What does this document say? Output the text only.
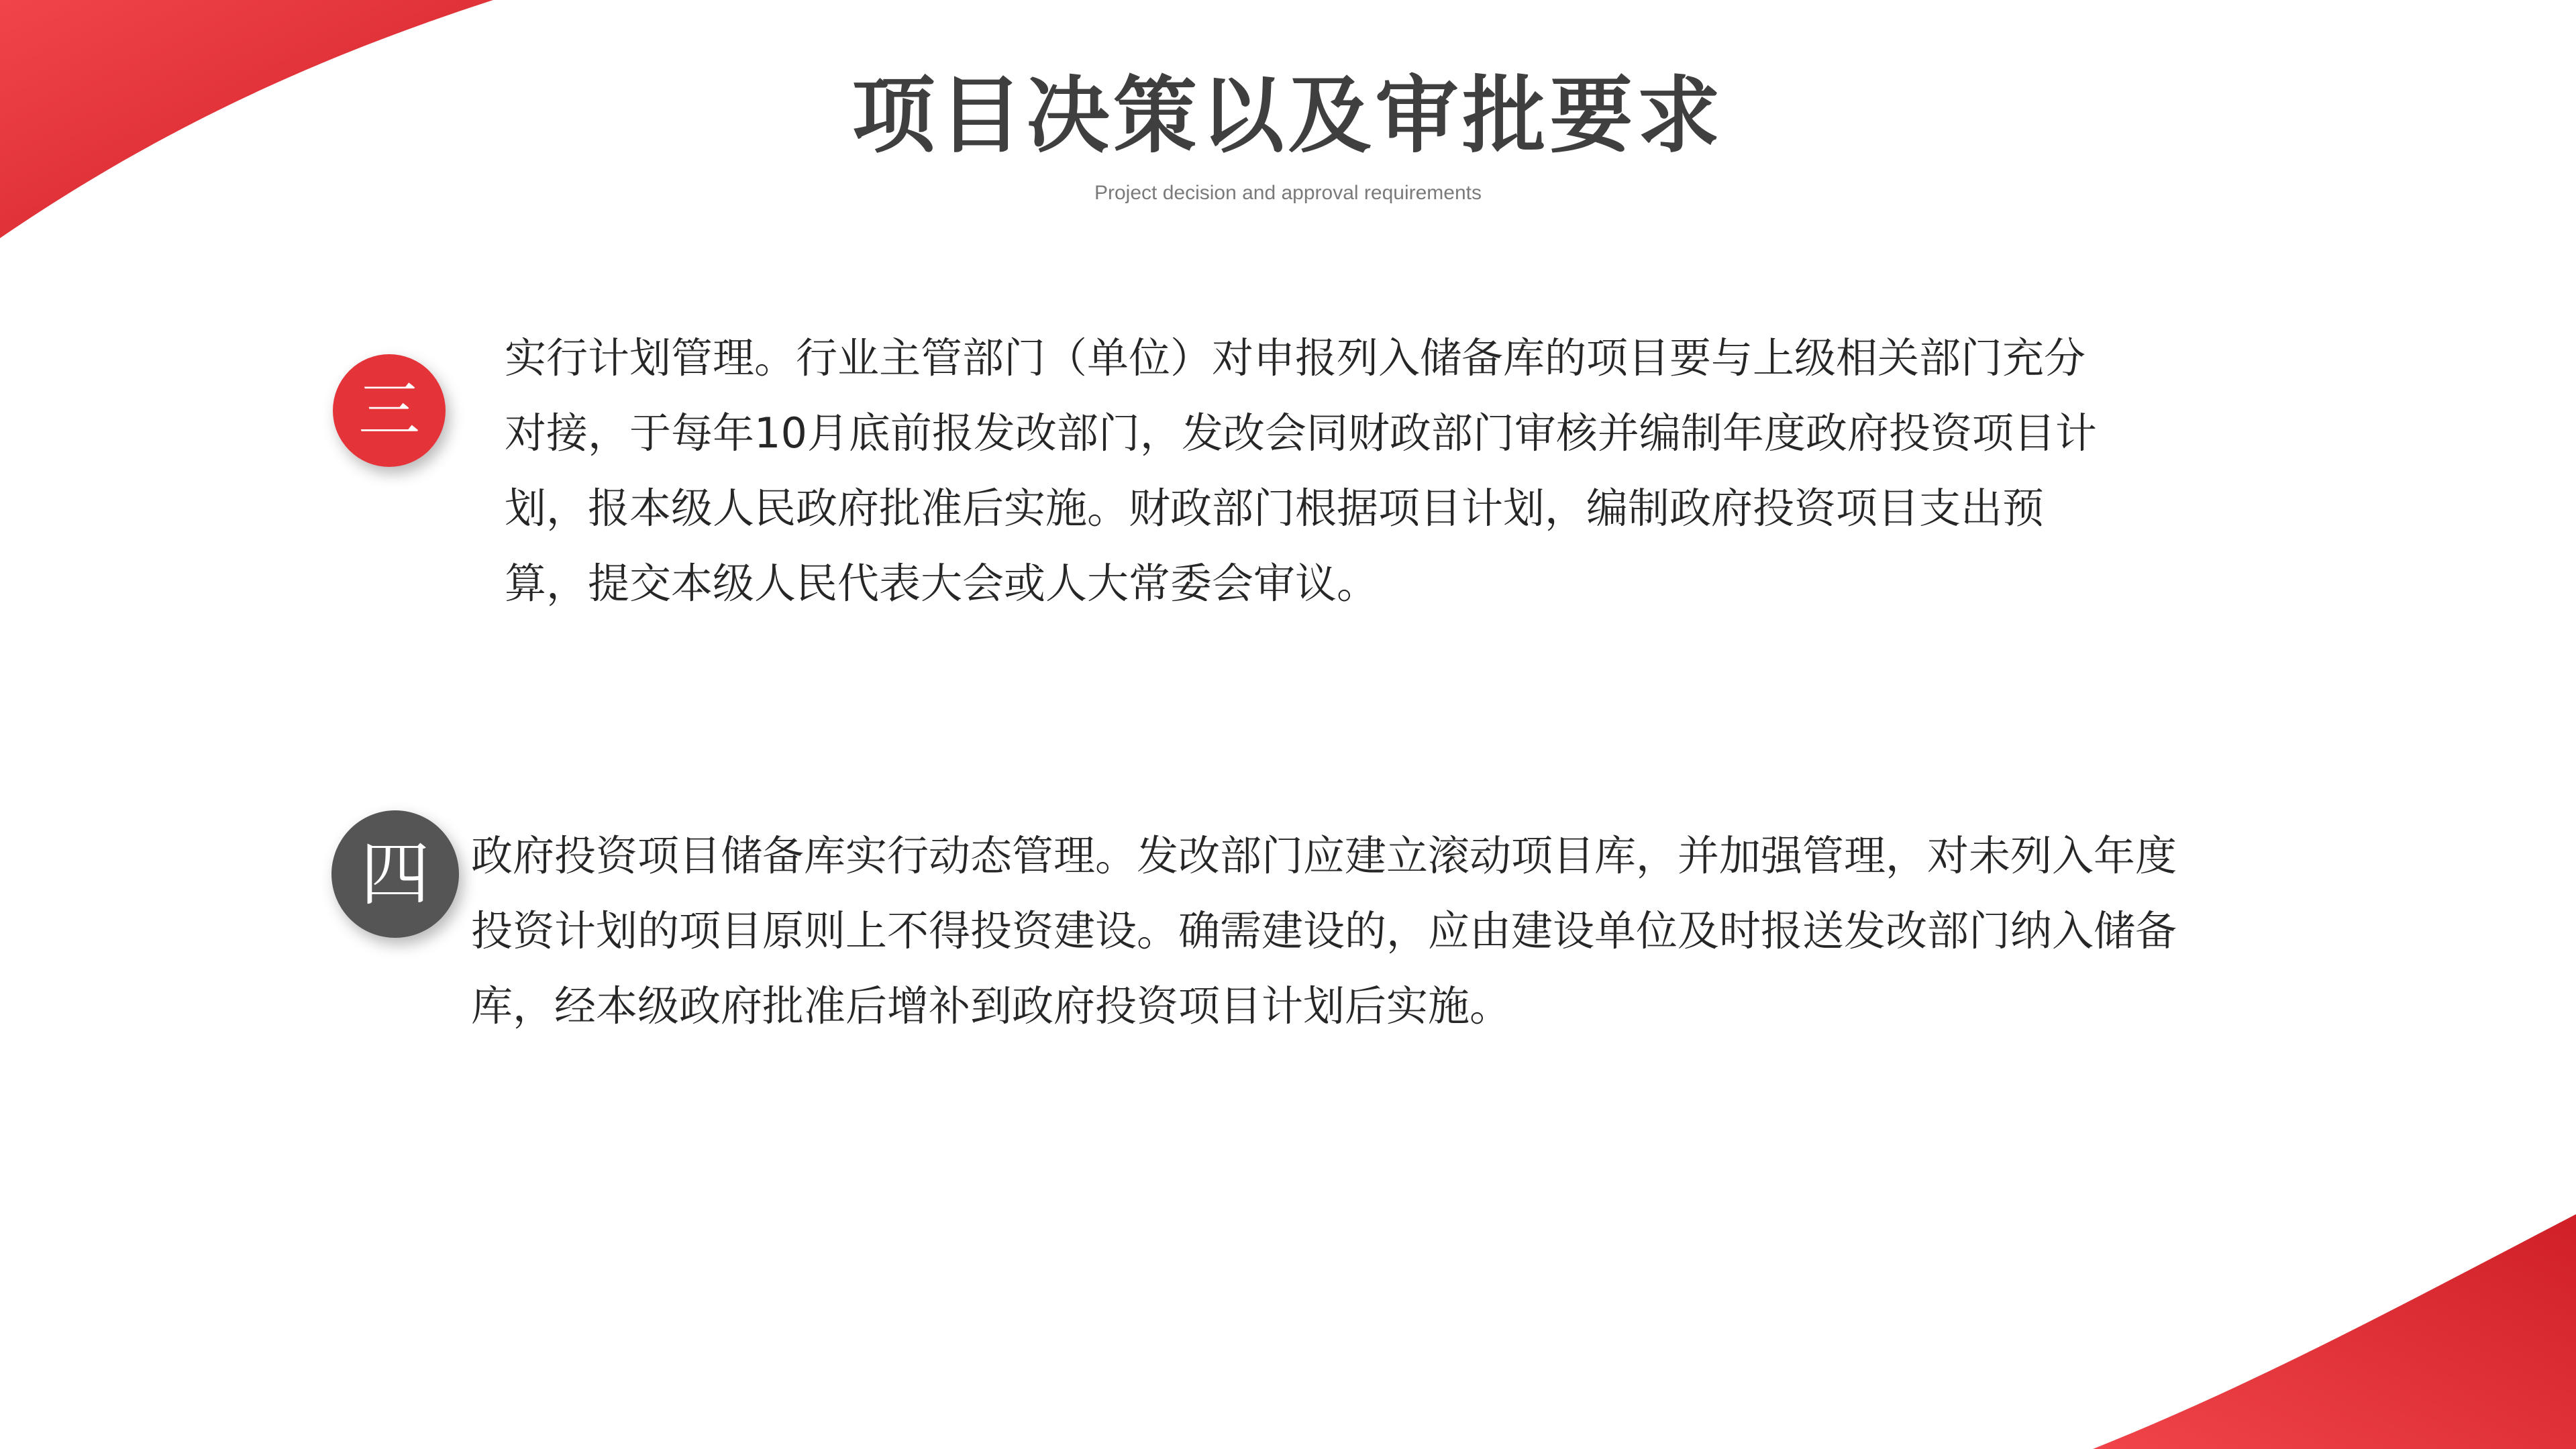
项目决策以及审批要求
Project decision and approval requirements
三

实行计划管理。行业主管部门（单位）对申报列入储备库的项目要与上级相关部门充分对接，于每年10月底前报发改部门，发改会同财政部门审核并编制年度政府投资项目计划，报本级人民政府批准后实施。财政部门根据项目计划，编制政府投资项目支出预算，提交本级人民代表大会或人大常委会审议。

四 政府投资项目储备库实行动态管理。发改部门应建立滚动项目库，并加强管理，对未列入年度投资计划的项目原则上不得投资建设。确需建设的，应由建设单位及时报送发改部门纳入储备库，经本级政府批准后增补到政府投资项目计划后实施。
